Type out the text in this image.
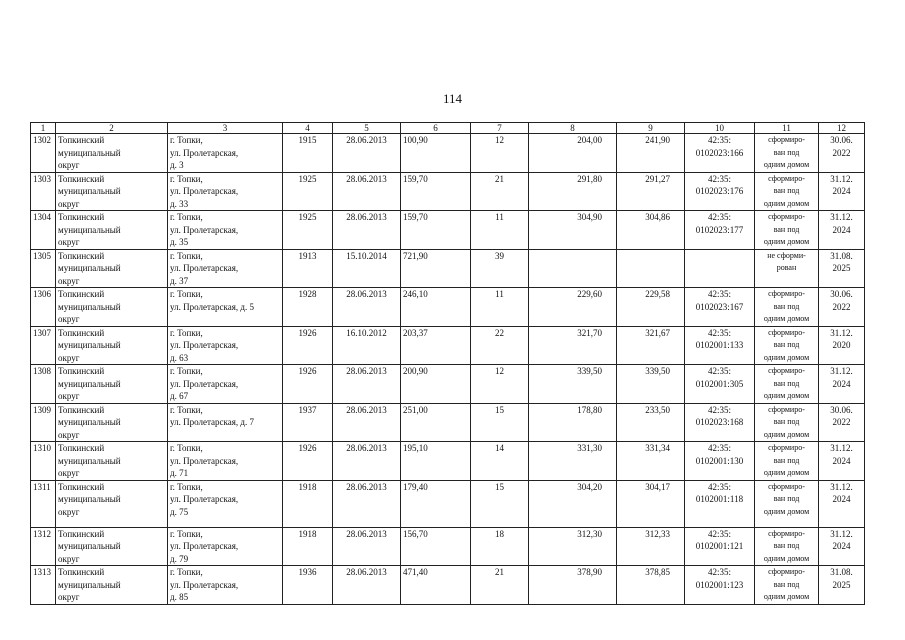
114
1	2	3	4	5	6	7	8	9	10	11	12
1302	Топкинский
муниципальный
округ	г. Топки,
ул. Пролетарская,
д. 3	1915	28.06.2013	100,90	12	204,00	241,90	42:35:
0102023:166	сформиро-
ван под
одним домом	30.06.
2022

1303	Топкинский
муниципальный
округ	г. Топки,
ул. Пролетарская,
д. 33	1925	28.06.2013	159,70	21	291,80	291,27	42:35:
0102023:176	сформиро-
ван под
одним домом	31.12.
2024

1304	Топкинский
муниципальный
округ	г. Топки,
ул. Пролетарская,
д. 35	1925	28.06.2013	159,70	11	304,90	304,86	42:35:
0102023:177	сформиро-
ван под
одним домом	31.12.
2024

1305	Топкинский
муниципальный
округ	г. Топки,
ул. Пролетарская,
д. 37	1913	15.10.2014	721,90	39				не сформи-
рован	31.08.
2025

1306	Топкинский
муниципальный
округ	г. Топки,
ул. Пролетарская, д. 5	1928	28.06.2013	246,10	11	229,60	229,58	42:35:
0102023:167	сформиро-
ван под
одним домом	30.06.
2022

1307	Топкинский
муниципальный
округ	г. Топки,
ул. Пролетарская,
д. 63	1926	16.10.2012	203,37	22	321,70	321,67	42:35:
0102001:133	сформиро-
ван под
одним домом	31.12.
2020

1308	Топкинский
муниципальный
округ	г. Топки,
ул. Пролетарская,
д. 67	1926	28.06.2013	200,90	12	339,50	339,50	42:35:
0102001:305	сформиро-
ван под
одним домом	31.12.
2024

1309	Топкинский
муниципальный
округ	г. Топки,
ул. Пролетарская, д. 7	1937	28.06.2013	251,00	15	178,80	233,50	42:35:
0102023:168	сформиро-
ван под
одним домом	30.06.
2022

1310	Топкинский
муниципальный
округ	г. Топки,
ул. Пролетарская,
д. 71	1926	28.06.2013	195,10	14	331,30	331,34	42:35:
0102001:130	сформиро-
ван под
одним домом	31.12.
2024

1311	Топкинский
муниципальный
округ	г. Топки,
ул. Пролетарская,
д. 75	1918	28.06.2013	179,40	15	304,20	304,17	42:35:
0102001:118	сформиро-
ван под
одним домом	31.12.
2024

1312	Топкинский
муниципальный
округ	г. Топки,
ул. Пролетарская,
д. 79	1918	28.06.2013	156,70	18	312,30	312,33	42:35:
0102001:121	сформиро-
ван под
одним домом	31.12.
2024

1313	Топкинский
муниципальный
округ	г. Топки,
ул. Пролетарская,
д. 85	1936	28.06.2013	471,40	21	378,90	378,85	42:35:
0102001:123	сформиро-
ван под
одним домом	31.08.
2025
